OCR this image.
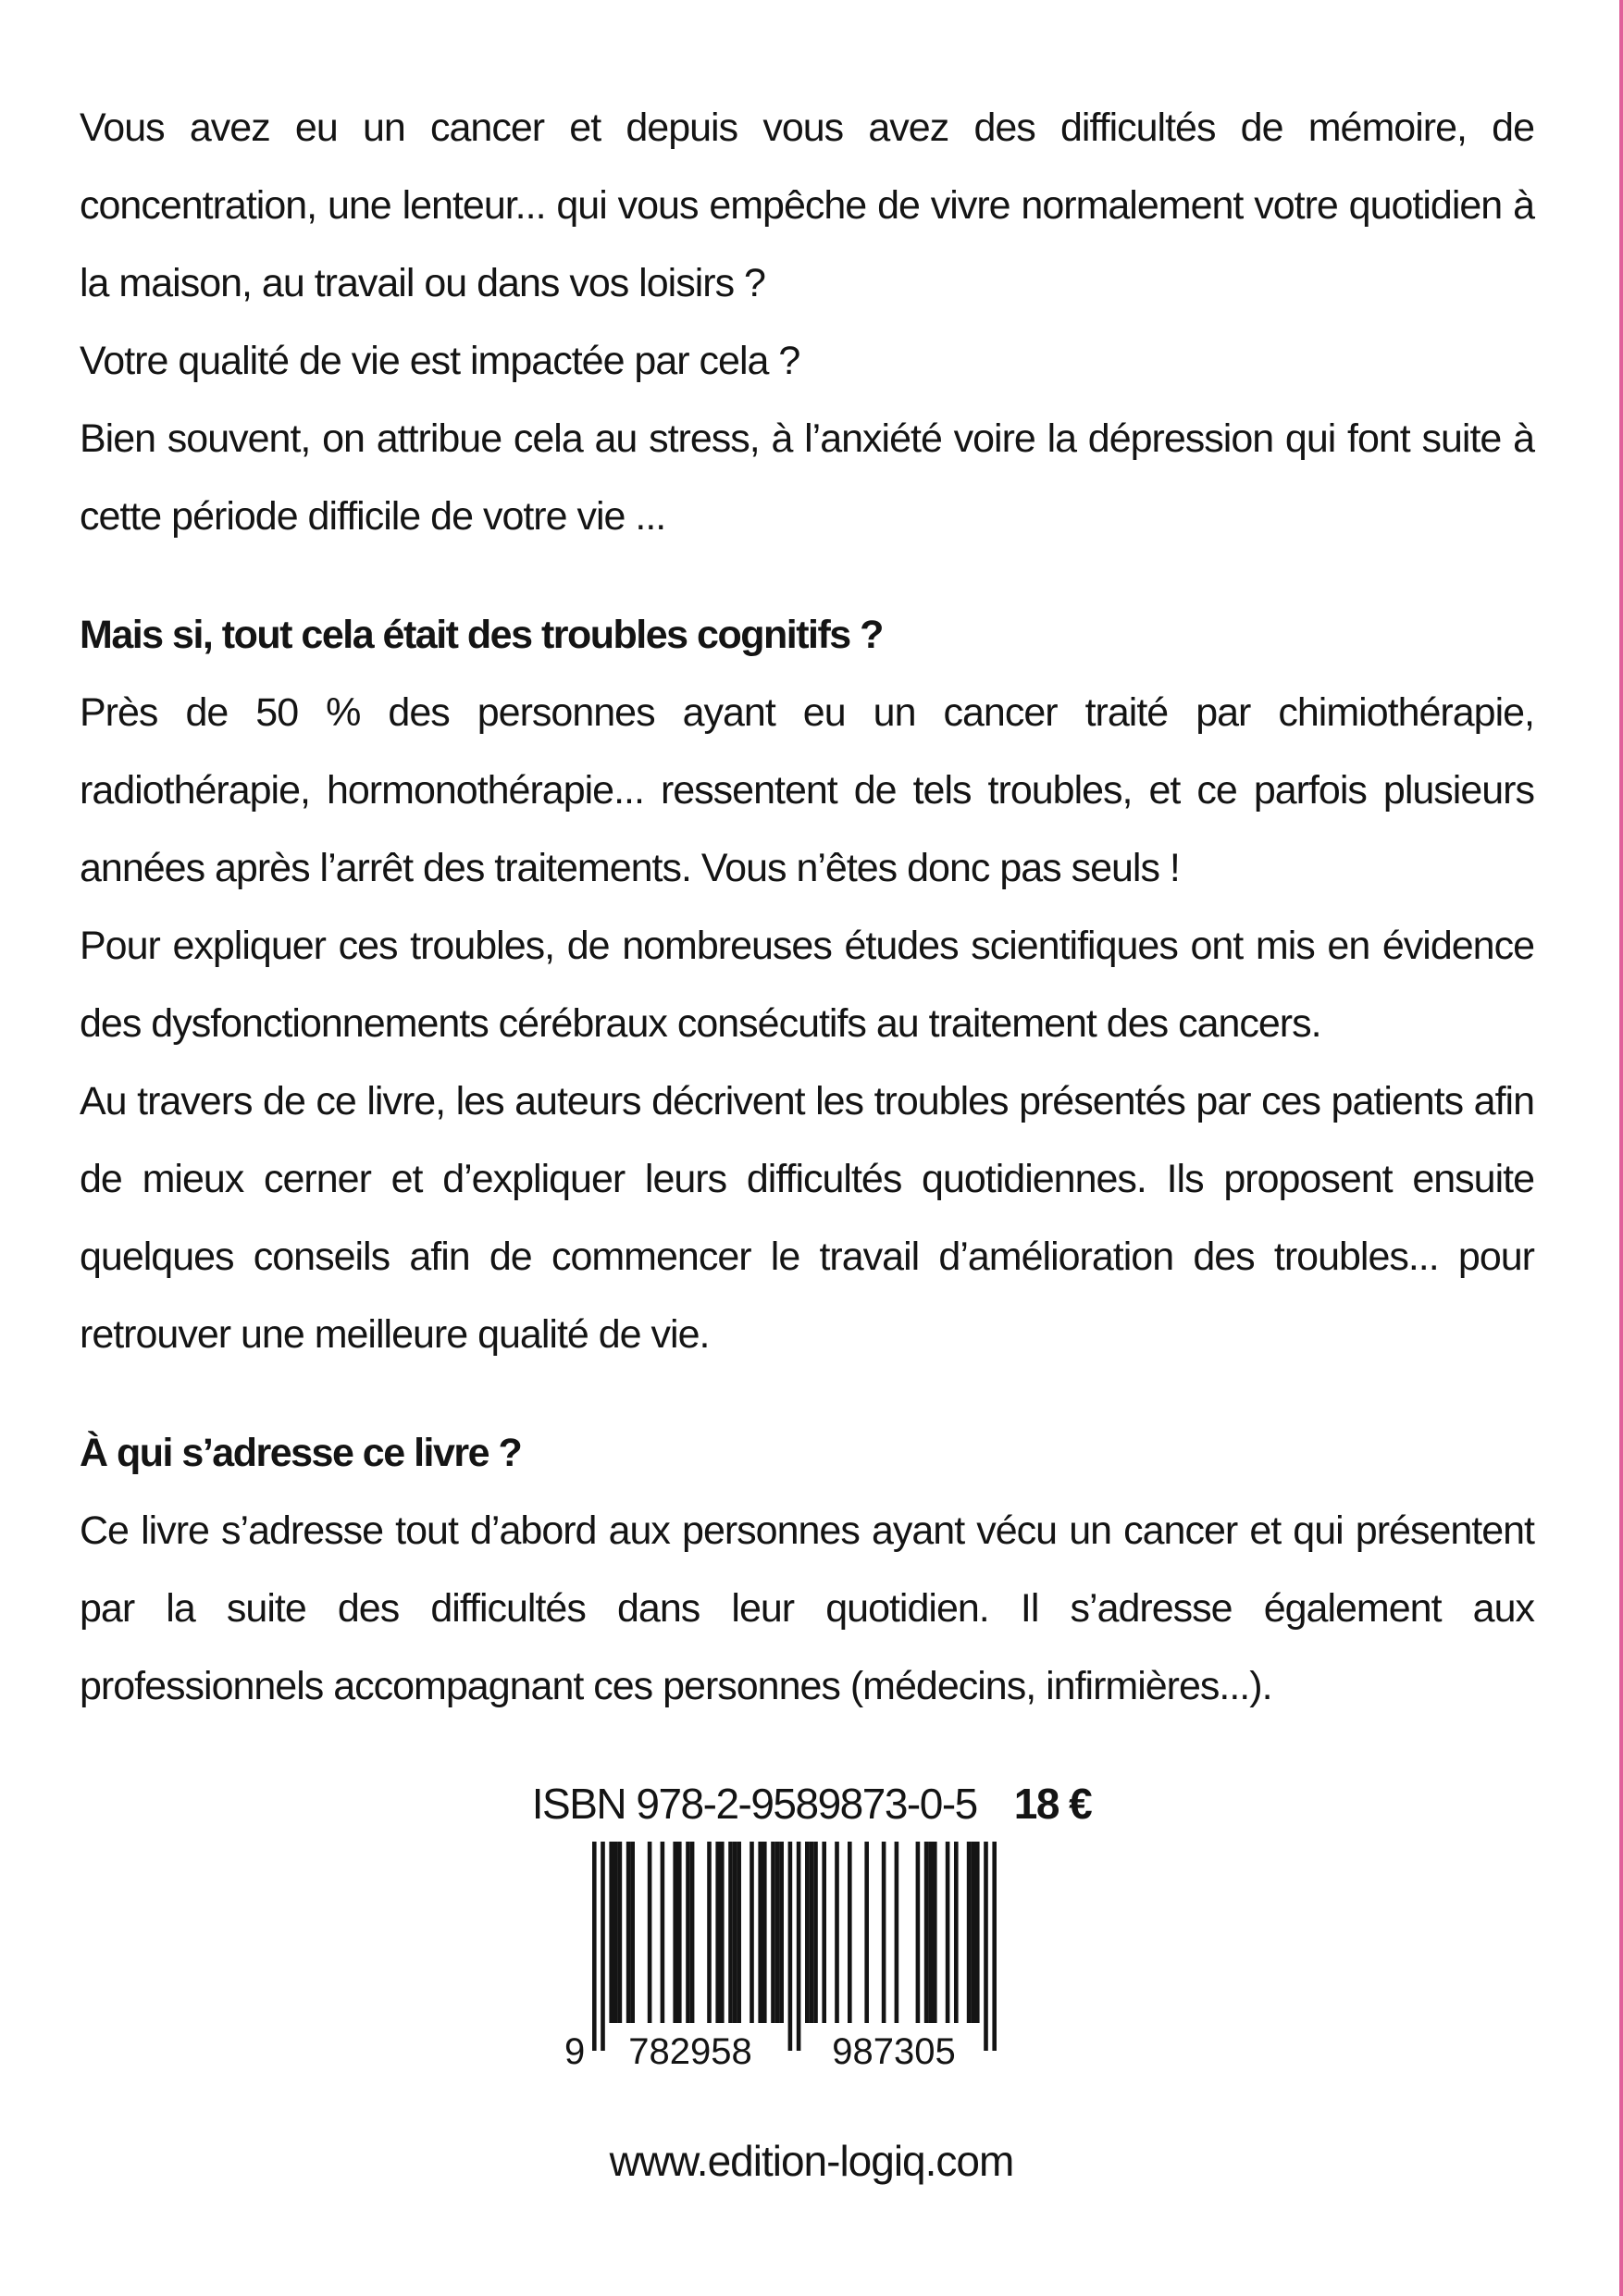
Vous avez eu un cancer et depuis vous avez des difficultés de mémoire, de concentration, une lenteur... qui vous empêche de vivre normalement votre quotidien à la maison, au travail ou dans vos loisirs ?

Votre qualité de vie est impactée par cela ?

Bien souvent, on attribue cela au stress, à l’anxiété voire la dépression qui font suite à cette période difficile de votre vie ...

Mais si, tout cela était des troubles cognitifs ?

Près de 50 % des personnes ayant eu un cancer traité par chimiothérapie, radiothérapie, hormonothérapie... ressentent de tels troubles, et ce parfois plusieurs années après l’arrêt des traitements. Vous n’êtes donc pas seuls !

Pour expliquer ces troubles, de nombreuses études scientifiques ont mis en évidence des dysfonctionnements cérébraux consécutifs au traitement des cancers.

Au travers de ce livre, les auteurs décrivent les troubles présentés par ces patients afin de mieux cerner et d’expliquer leurs difficultés quotidiennes. Ils proposent ensuite quelques conseils afin de commencer le travail d’amélioration des troubles... pour retrouver une meilleure qualité de vie.

À qui s’adresse ce livre ?

Ce livre s’adresse tout d’abord aux personnes ayant vécu un cancer et qui présentent par la suite des difficultés dans leur quotidien. Il s’adresse également aux professionnels accompagnant ces personnes (médecins, infirmières...).

ISBN 978-2-9589873-0-5 18 €
9 782958 987305
www.edition-logiq.com
